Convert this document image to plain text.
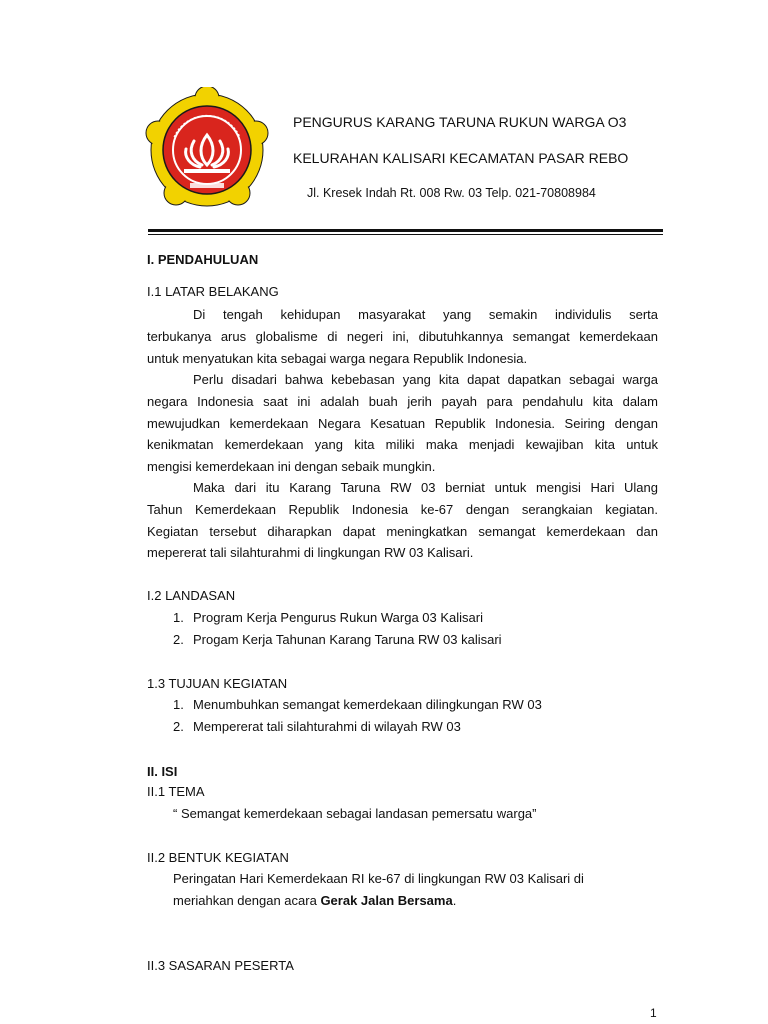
PENGURUS KARANG TARUNA RUKUN WARGA O3
KELURAHAN KALISARI KECAMATAN PASAR REBO
Jl. Kresek Indah Rt. 008 Rw. 03 Telp. 021-70808984
I. PENDAHULUAN
I.1 LATAR BELAKANG
Di tengah kehidupan masyarakat yang semakin individulis serta
terbukanya arus globalisme di negeri ini, dibutuhkannya semangat kemerdekaan
untuk menyatukan kita sebagai warga negara Republik Indonesia.
Perlu disadari bahwa kebebasan yang kita dapat dapatkan sebagai warga
negara Indonesia saat ini adalah buah jerih payah para pendahulu kita dalam
mewujudkan kemerdekaan Negara Kesatuan Republik Indonesia. Seiring dengan
kenikmatan kemerdekaan yang kita miliki maka menjadi kewajiban kita untuk
mengisi kemerdekaan ini dengan sebaik mungkin.
Maka dari itu Karang Taruna RW 03 berniat untuk mengisi Hari Ulang
Tahun Kemerdekaan Republik Indonesia ke-67 dengan serangkaian kegiatan.
Kegiatan tersebut diharapkan dapat meningkatkan semangat kemerdekaan dan
mepererat tali silahturahmi di lingkungan RW 03 Kalisari.
I.2 LANDASAN
1. Program Kerja Pengurus Rukun Warga 03 Kalisari
2. Progam Kerja Tahunan Karang Taruna RW 03 kalisari
1.3 TUJUAN KEGIATAN
1. Menumbuhkan semangat kemerdekaan dilingkungan RW 03
2. Mempererat tali silahturahmi di wilayah RW 03
II. ISI
II.1 TEMA
“ Semangat kemerdekaan sebagai landasan pemersatu warga”
II.2 BENTUK KEGIATAN
Peringatan Hari Kemerdekaan RI ke-67 di lingkungan RW 03 Kalisari di
meriahkan dengan acara Gerak Jalan Bersama.
II.3 SASARAN PESERTA
1
